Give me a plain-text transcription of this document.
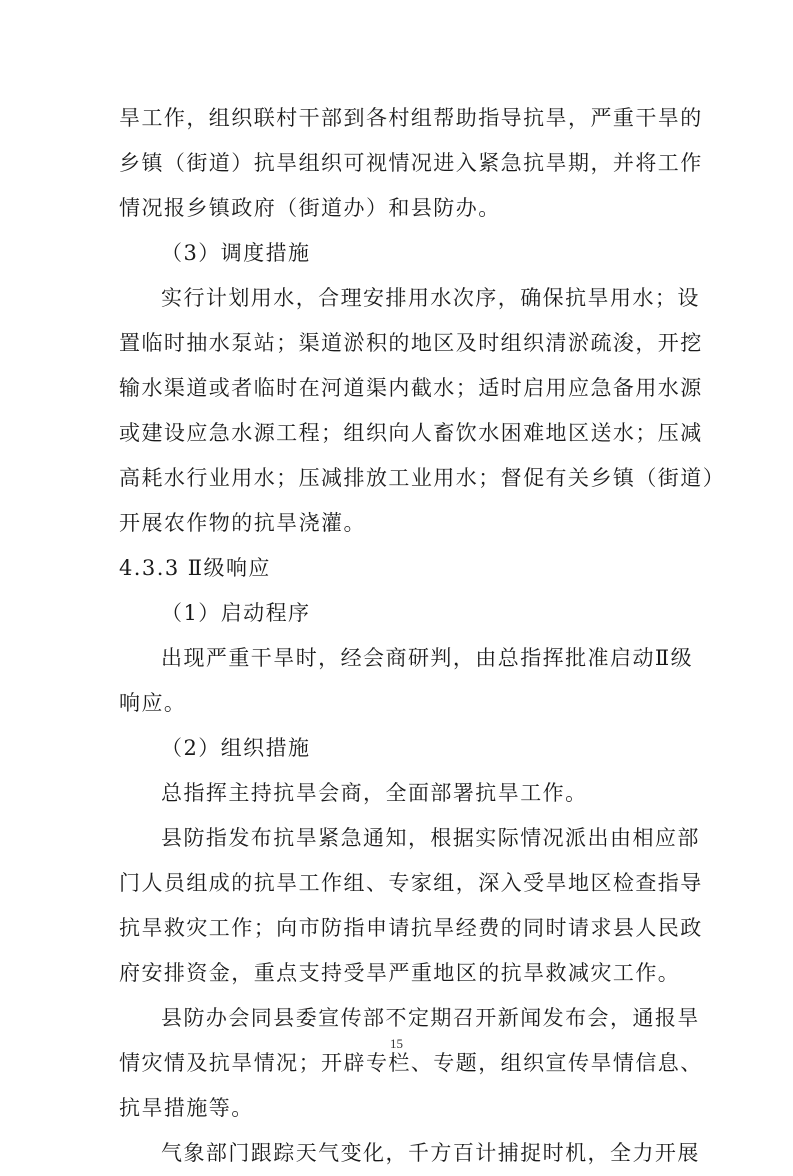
旱工作，组织联村干部到各村组帮助指导抗旱，严重干旱的
乡镇（街道）抗旱组织可视情况进入紧急抗旱期，并将工作
情况报乡镇政府（街道办）和县防办。
（3）调度措施
实行计划用水，合理安排用水次序，确保抗旱用水；设
置临时抽水泵站；渠道淤积的地区及时组织清淤疏浚，开挖
输水渠道或者临时在河道渠内截水；适时启用应急备用水源
或建设应急水源工程；组织向人畜饮水困难地区送水；压减
高耗水行业用水；压减排放工业用水；督促有关乡镇（街道）
开展农作物的抗旱浇灌。
4.3.3 Ⅱ级响应
（1）启动程序
出现严重干旱时，经会商研判，由总指挥批准启动Ⅱ级
响应。
（2）组织措施
总指挥主持抗旱会商，全面部署抗旱工作。
县防指发布抗旱紧急通知，根据实际情况派出由相应部
门人员组成的抗旱工作组、专家组，深入受旱地区检查指导
抗旱救灾工作；向市防指申请抗旱经费的同时请求县人民政
府安排资金，重点支持受旱严重地区的抗旱救减灾工作。
县防办会同县委宣传部不定期召开新闻发布会，通报旱
情灾情及抗旱情况；开辟专栏、专题，组织宣传旱情信息、
抗旱措施等。
气象部门跟踪天气变化，千方百计捕捉时机，全力开展
15
